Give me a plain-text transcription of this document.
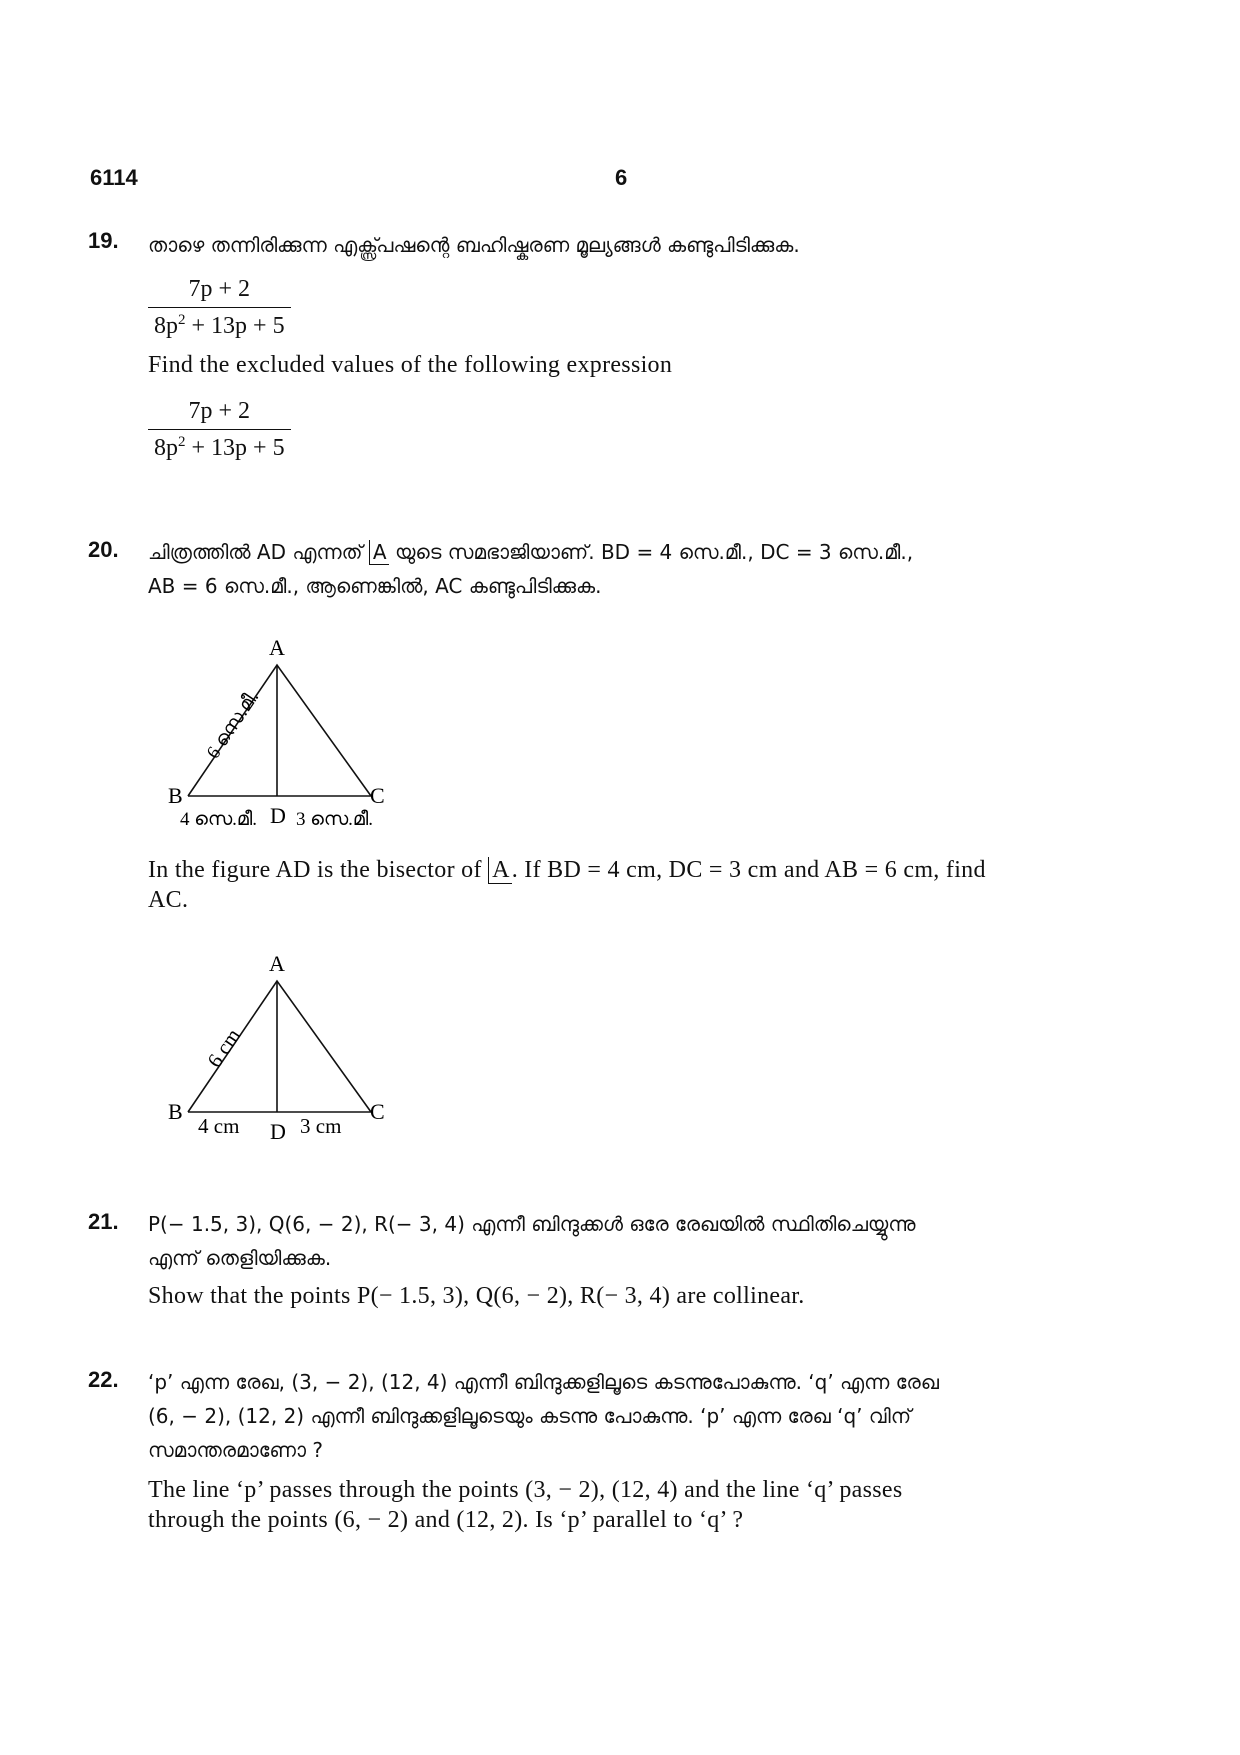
6114	6
19. താഴെ തന്നിരിക്കുന്ന എക്സ്പ്രഷന്റെ ബഹിഷ്കരണ മൂല്യങ്ങൾ കണ്ടുപിടിക്കുക.
$\frac{7p + 2}{8p^2 + 13p + 5}$
Find the excluded values of the following expression
$\frac{7p + 2}{8p^2 + 13p + 5}$
20. ചിത്രത്തിൽ AD എന്നത് A യുടെ സമഭാജിയാണ്. BD = 4 സെ.മീ., DC = 3 സെ.മീ.,
AB = 6 സെ.മീ., ആണെങ്കിൽ, AC കണ്ടുപിടിക്കുക.
A
B	C
D
4 സെ.മീ. 3 സെ.മീ.
6 സെ.മീ.
In the figure AD is the bisector of A. If BD = 4 cm, DC = 3 cm and AB = 6 cm, find
AC.
A
B	C
D
4 cm	3 cm
6 cm
21. P(− 1.5, 3), Q(6, − 2), R(− 3, 4) എന്നീ ബിന്ദുക്കൾ ഒരേ രേഖയിൽ സ്ഥിതിചെയ്യുന്നു
എന്ന് തെളിയിക്കുക.
Show that the points P(− 1.5, 3), Q(6, − 2), R(− 3, 4) are collinear.
22. ‘p’ എന്ന രേഖ, (3, − 2), (12, 4) എന്നീ ബിന്ദുക്കളിലൂടെ കടന്നുപോകുന്നു. ‘q’ എന്ന രേഖ
(6, − 2), (12, 2) എന്നീ ബിന്ദുക്കളിലൂടെയും കടന്നു പോകുന്നു. ‘p’ എന്ന രേഖ ‘q’ വിന്
സമാന്തരമാണോ ?
The line ‘p’ passes through the points (3, − 2), (12, 4) and the line ‘q’ passes
through the points (6, − 2) and (12, 2). Is ‘p’ parallel to ‘q’ ?
